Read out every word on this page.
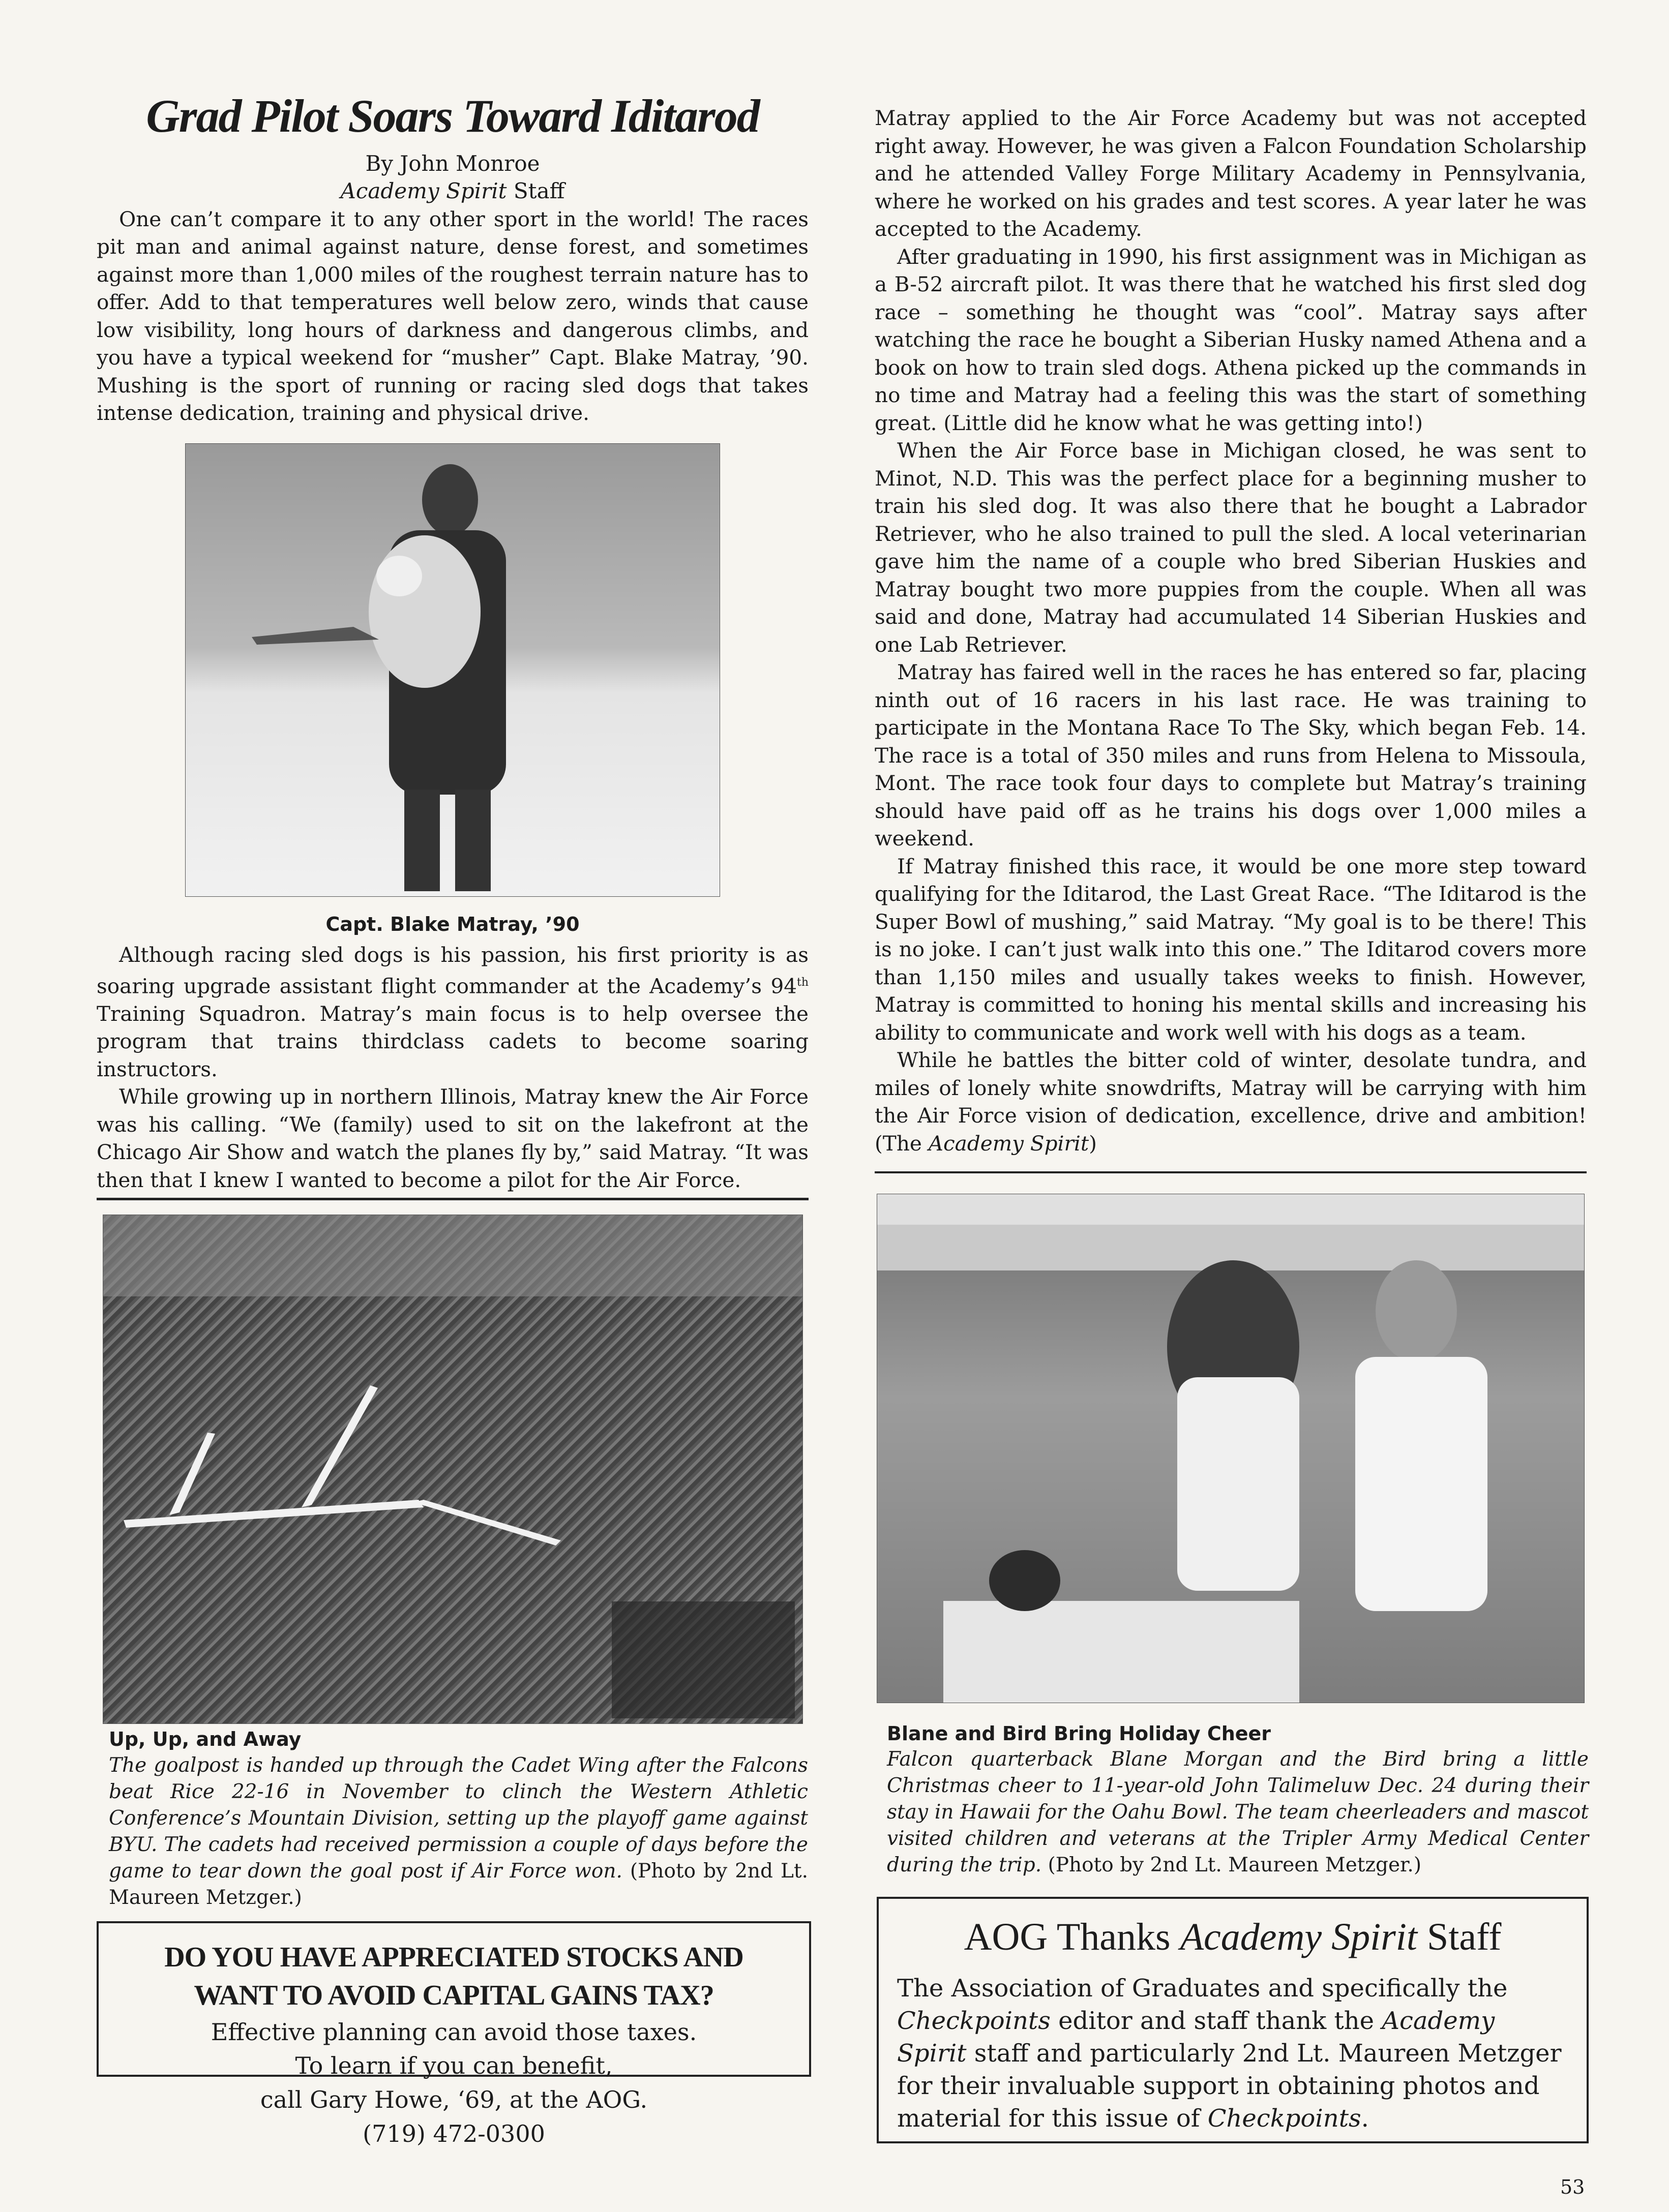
Grad Pilot Soars Toward Iditarod
By John Monroe
Academy Spirit Staff

One can’t compare it to any other sport in the world! The races pit man and animal against nature, dense forest, and sometimes against more than 1,000 miles of the roughest terrain nature has to offer. Add to that temperatures well below zero, winds that cause low visibility, long hours of darkness and dangerous climbs, and you have a typical weekend for “musher” Capt. Blake Matray, ’90. Mushing is the sport of running or racing sled dogs that takes intense dedication, training and physical drive.

Capt. Blake Matray, ’90

Although racing sled dogs is his passion, his first priority is as soaring upgrade assistant flight commander at the Academy’s 94th Training Squadron. Matray’s main focus is to help oversee the program that trains thirdclass cadets to become soaring instructors.

While growing up in northern Illinois, Matray knew the Air Force was his calling. “We (family) used to sit on the lakefront at the Chicago Air Show and watch the planes fly by,” said Matray. “It was then that I knew I wanted to become a pilot for the Air Force.

Up, Up, and Away
The goalpost is handed up through the Cadet Wing after the Falcons beat Rice 22-16 in November to clinch the Western Athletic Conference’s Mountain Division, setting up the playoff game against BYU. The cadets had received permission a couple of days before the game to tear down the goal post if Air Force won. (Photo by 2nd Lt. Maureen Metzger.)
DO YOU HAVE APPRECIATED STOCKS AND
WANT TO AVOID CAPITAL GAINS TAX?
Effective planning can avoid those taxes.
To learn if you can benefit,
call Gary Howe, ‘69, at the AOG.
(719) 472-0300

Matray applied to the Air Force Academy but was not accepted right away. However, he was given a Falcon Foundation Scholarship and he attended Valley Forge Military Academy in Pennsylvania, where he worked on his grades and test scores. A year later he was accepted to the Academy.

After graduating in 1990, his first assignment was in Michigan as a B-52 aircraft pilot. It was there that he watched his first sled dog race – something he thought was “cool”. Matray says after watching the race he bought a Siberian Husky named Athena and a book on how to train sled dogs. Athena picked up the commands in no time and Matray had a feeling this was the start of something great. (Little did he know what he was getting into!)

When the Air Force base in Michigan closed, he was sent to Minot, N.D. This was the perfect place for a beginning musher to train his sled dog. It was also there that he bought a Labrador Retriever, who he also trained to pull the sled. A local veterinarian gave him the name of a couple who bred Siberian Huskies and Matray bought two more puppies from the couple. When all was said and done, Matray had accumulated 14 Siberian Huskies and one Lab Retriever.

Matray has faired well in the races he has entered so far, placing ninth out of 16 racers in his last race. He was training to participate in the Montana Race To The Sky, which began Feb. 14. The race is a total of 350 miles and runs from Helena to Missoula, Mont. The race took four days to complete but Matray’s training should have paid off as he trains his dogs over 1,000 miles a weekend.

If Matray finished this race, it would be one more step toward qualifying for the Iditarod, the Last Great Race. “The Iditarod is the Super Bowl of mushing,” said Matray. “My goal is to be there! This is no joke. I can’t just walk into this one.” The Iditarod covers more than 1,150 miles and usually takes weeks to finish. However, Matray is committed to honing his mental skills and increasing his ability to communicate and work well with his dogs as a team.

While he battles the bitter cold of winter, desolate tundra, and miles of lonely white snowdrifts, Matray will be carrying with him the Air Force vision of dedication, excellence, drive and ambition! (The Academy Spirit)

Blane and Bird Bring Holiday Cheer
Falcon quarterback Blane Morgan and the Bird bring a little Christmas cheer to 11-year-old John Talimeluw Dec. 24 during their stay in Hawaii for the Oahu Bowl. The team cheerleaders and mascot visited children and veterans at the Tripler Army Medical Center during the trip. (Photo by 2nd Lt. Maureen Metzger.)
AOG Thanks Academy Spirit Staff
The Association of Graduates and specifically the Checkpoints editor and staff thank the Academy Spirit staff and particularly 2nd Lt. Maureen Metzger for their invaluable support in obtaining photos and material for this issue of Checkpoints.
53
